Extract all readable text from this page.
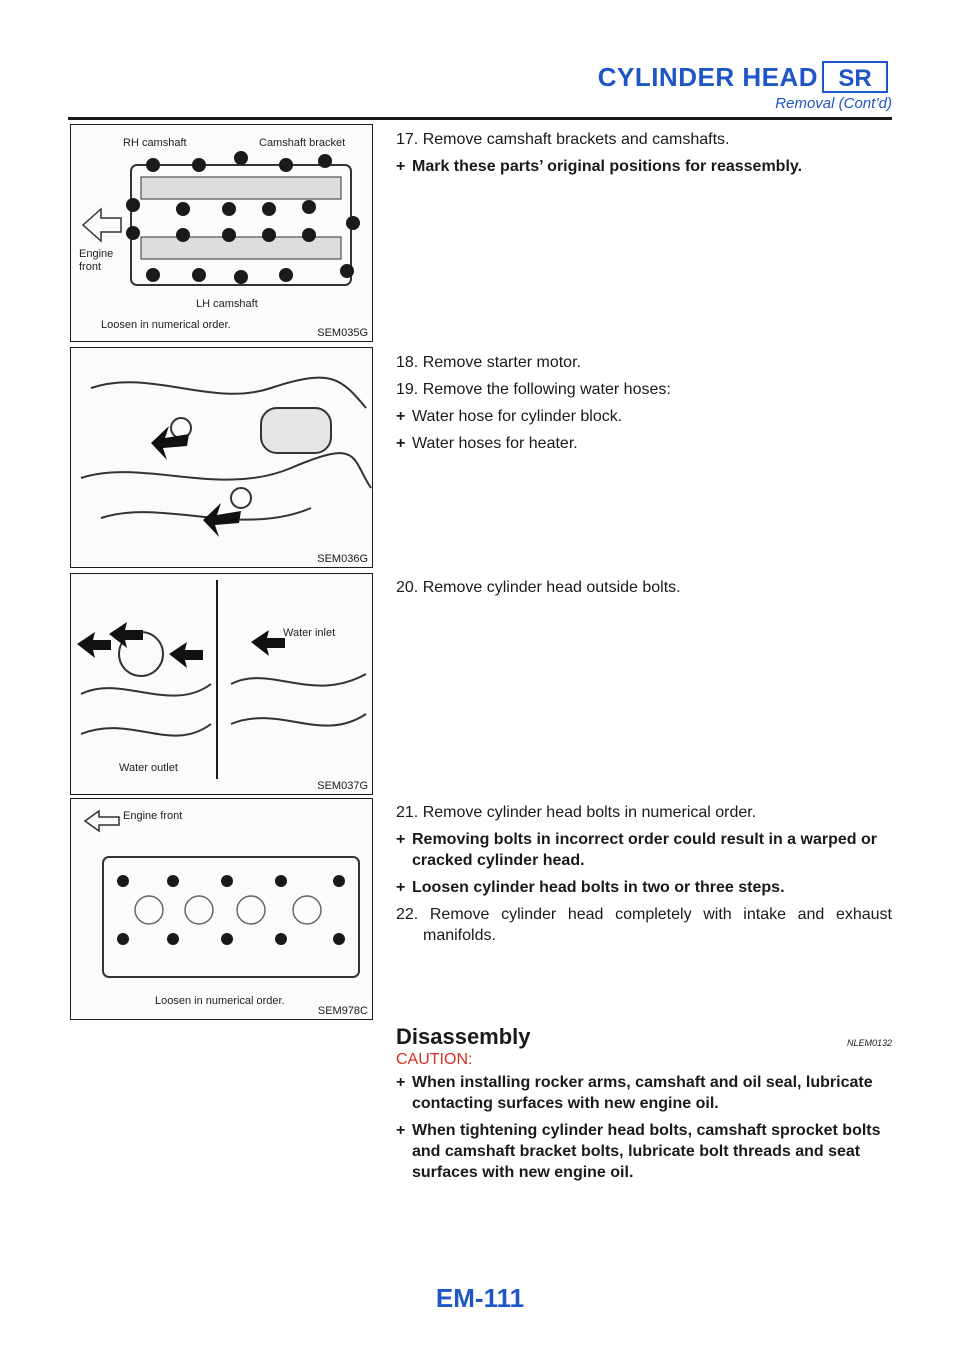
CYLINDER HEAD SR
Removal (Cont’d)
RH camshaft	Camshaft bracket
Engine
front
LH camshaft
Loosen in numerical order.
SEM035G
SEM036G
Water inlet
Water outlet
SEM037G
Engine front
Loosen in numerical order.
SEM978C
17. Remove camshaft brackets and camshafts.
+ Mark these parts’ original positions for reassembly.
18. Remove starter motor.
19. Remove the following water hoses:
+ Water hose for cylinder block.
+ Water hoses for heater.
20. Remove cylinder head outside bolts.
21. Remove cylinder head bolts in numerical order.
+ Removing bolts in incorrect order could result in a warped or cracked cylinder head.
+ Loosen cylinder head bolts in two or three steps.
22. Remove cylinder head completely with intake and exhaust manifolds.
Disassembly	NLEM0132
CAUTION:
+ When installing rocker arms, camshaft and oil seal, lubricate contacting surfaces with new engine oil.
+ When tightening cylinder head bolts, camshaft sprocket bolts and camshaft bracket bolts, lubricate bolt threads and seat surfaces with new engine oil.
EM-111
